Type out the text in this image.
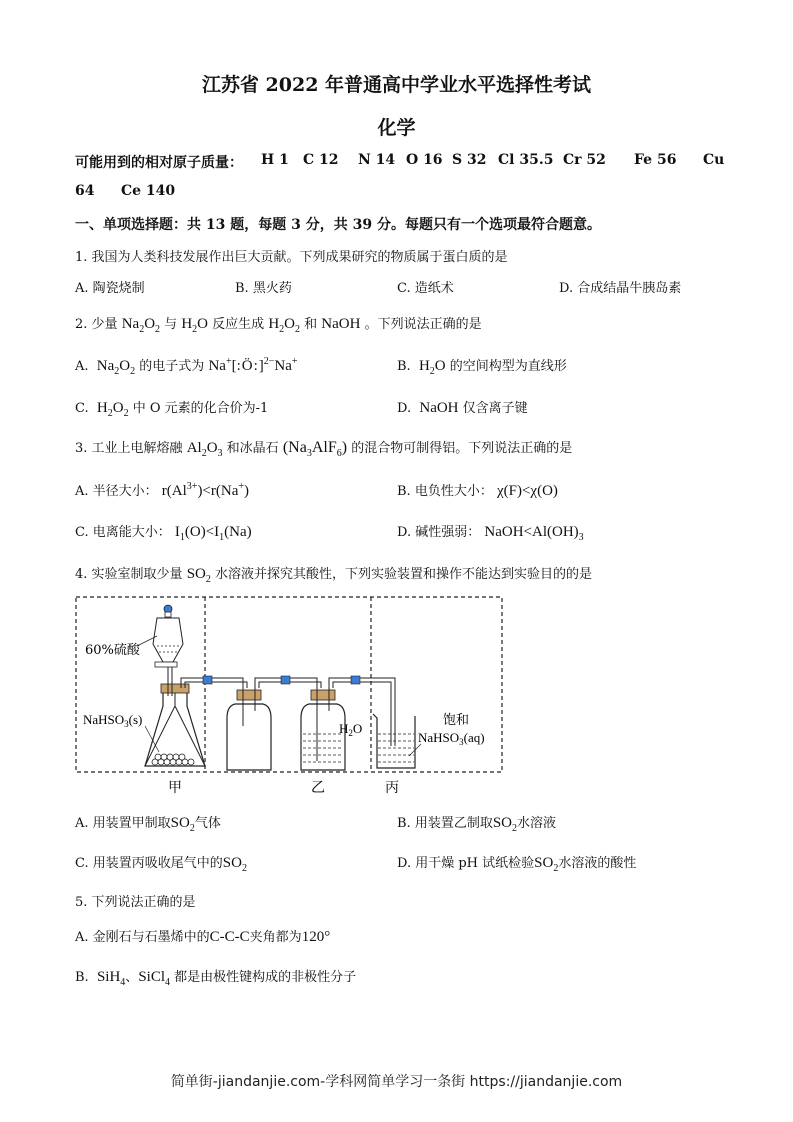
江苏省 2022 年普通高中学业水平选择性考试
化学
可能用到的相对原子质量： H 1 C 12 N 14 O 16 S 32 Cl 35.5 Cr 52 Fe 56 Cu
64 Ce 140
一、单项选择题：共 13 题，每题 3 分，共 39 分。每题只有一个选项最符合题意。
1. 我国为人类科技发展作出巨大贡献。下列成果研究的物质属于蛋白质的是
A. 陶瓷烧制	B. 黑火药	C. 造纸术	D. 合成结晶牛胰岛素
2. 少量 $Na_2O_2$ 与 $H_2O$ 反应生成 $H_2O_2$ 和 NaOH 。下列说法正确的是
A. $Na_2O_2$ 的电子式为 Na+[:Ö:]$^{2-}$Na+	B. $H_2O$ 的空间构型为直线形
C. $H_2O_2$ 中 O 元素的化合价为-1	D. NaOH 仅含离子键
3. 工业上电解熔融 $Al_2O_3$ 和冰晶石 $(Na_3AlF_6)$ 的混合物可制得铝。下列说法正确的是
A. 半径大小： $r(Al^{3+})<r(Na^+)$	B. 电负性大小： χ(F)<χ(O)
C. 电离能大小： $I_1(O)<I_1(Na)$	D. 碱性强弱： $NaOH<Al(OH)_3$
4. 实验室制取少量 $SO_2$ 水溶液并探究其酸性，下列实验装置和操作不能达到实验目的的是
60%硫酸
NaHSO$_3$(s)
$H_2O$
饱和
NaHSO$_3$(aq)
甲	乙	丙
A. 用装置甲制取$SO_2$气体	B. 用装置乙制取$SO_2$水溶液
C. 用装置丙吸收尾气中的$SO_2$	D. 用干燥 pH 试纸检验$SO_2$水溶液的酸性
5. 下列说法正确的是
A. 金刚石与石墨烯中的C-C-C夹角都为120°
B. SiH$_4$、SiCl$_4$ 都是由极性键构成的非极性分子
简单街-jiandanjie.com-学科网简单学习一条街 https://jiandanjie.com
